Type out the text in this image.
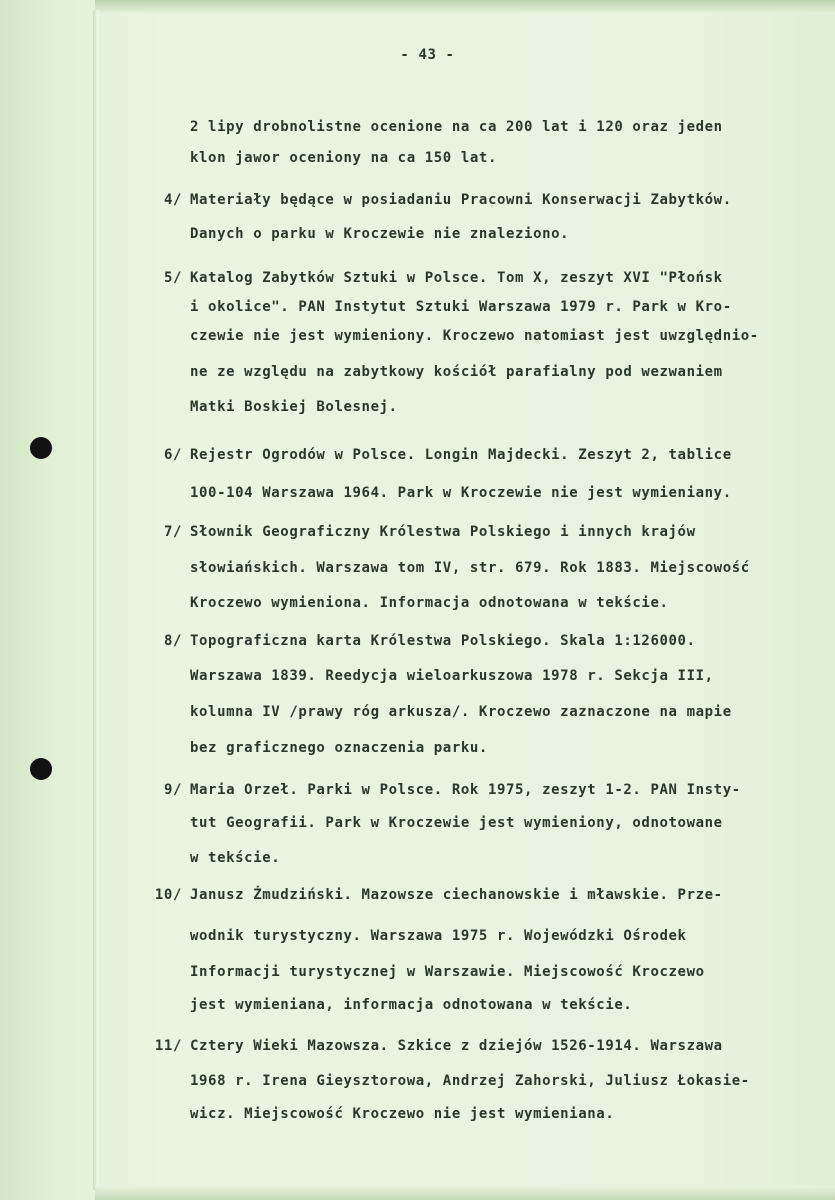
- 43 -
2 lipy drobnolistne ocenione na ca 200 lat i 120 oraz jeden
klon jawor oceniony na ca 150 lat.
4/ Materiały będące w posiadaniu Pracowni Konserwacji Zabytków.
Danych o parku w Kroczewie nie znaleziono.
5/ Katalog Zabytków Sztuki w Polsce. Tom X, zeszyt XVI "Płońsk
i okolice". PAN Instytut Sztuki Warszawa 1979 r. Park w Kro-
czewie nie jest wymieniony. Kroczewo natomiast jest uwzględnio-
ne ze względu na zabytkowy kościół parafialny pod wezwaniem
Matki Boskiej Bolesnej.
6/ Rejestr Ogrodów w Polsce. Longin Majdecki. Zeszyt 2, tablice
100-104 Warszawa 1964. Park w Kroczewie nie jest wymieniany.
7/ Słownik Geograficzny Królestwa Polskiego i innych krajów
słowiańskich. Warszawa tom IV, str. 679. Rok 1883. Miejscowość
Kroczewo wymieniona. Informacja odnotowana w tekście.
8/ Topograficzna karta Królestwa Polskiego. Skala 1:126000.
Warszawa 1839. Reedycja wieloarkuszowa 1978 r. Sekcja III,
kolumna IV /prawy róg arkusza/. Kroczewo zaznaczone na mapie
bez graficznego oznaczenia parku.
9/ Maria Orzeł. Parki w Polsce. Rok 1975, zeszyt 1-2. PAN Insty-
tut Geografii. Park w Kroczewie jest wymieniony, odnotowane
w tekście.
10/ Janusz Żmudziński. Mazowsze ciechanowskie i mławskie. Prze-
wodnik turystyczny. Warszawa 1975 r. Wojewódzki Ośrodek
Informacji turystycznej w Warszawie. Miejscowość Kroczewo
jest wymieniana, informacja odnotowana w tekście.
11/ Cztery Wieki Mazowsza. Szkice z dziejów 1526-1914. Warszawa
1968 r. Irena Gieysztorowa, Andrzej Zahorski, Juliusz Łokasie-
wicz. Miejscowość Kroczewo nie jest wymieniana.
